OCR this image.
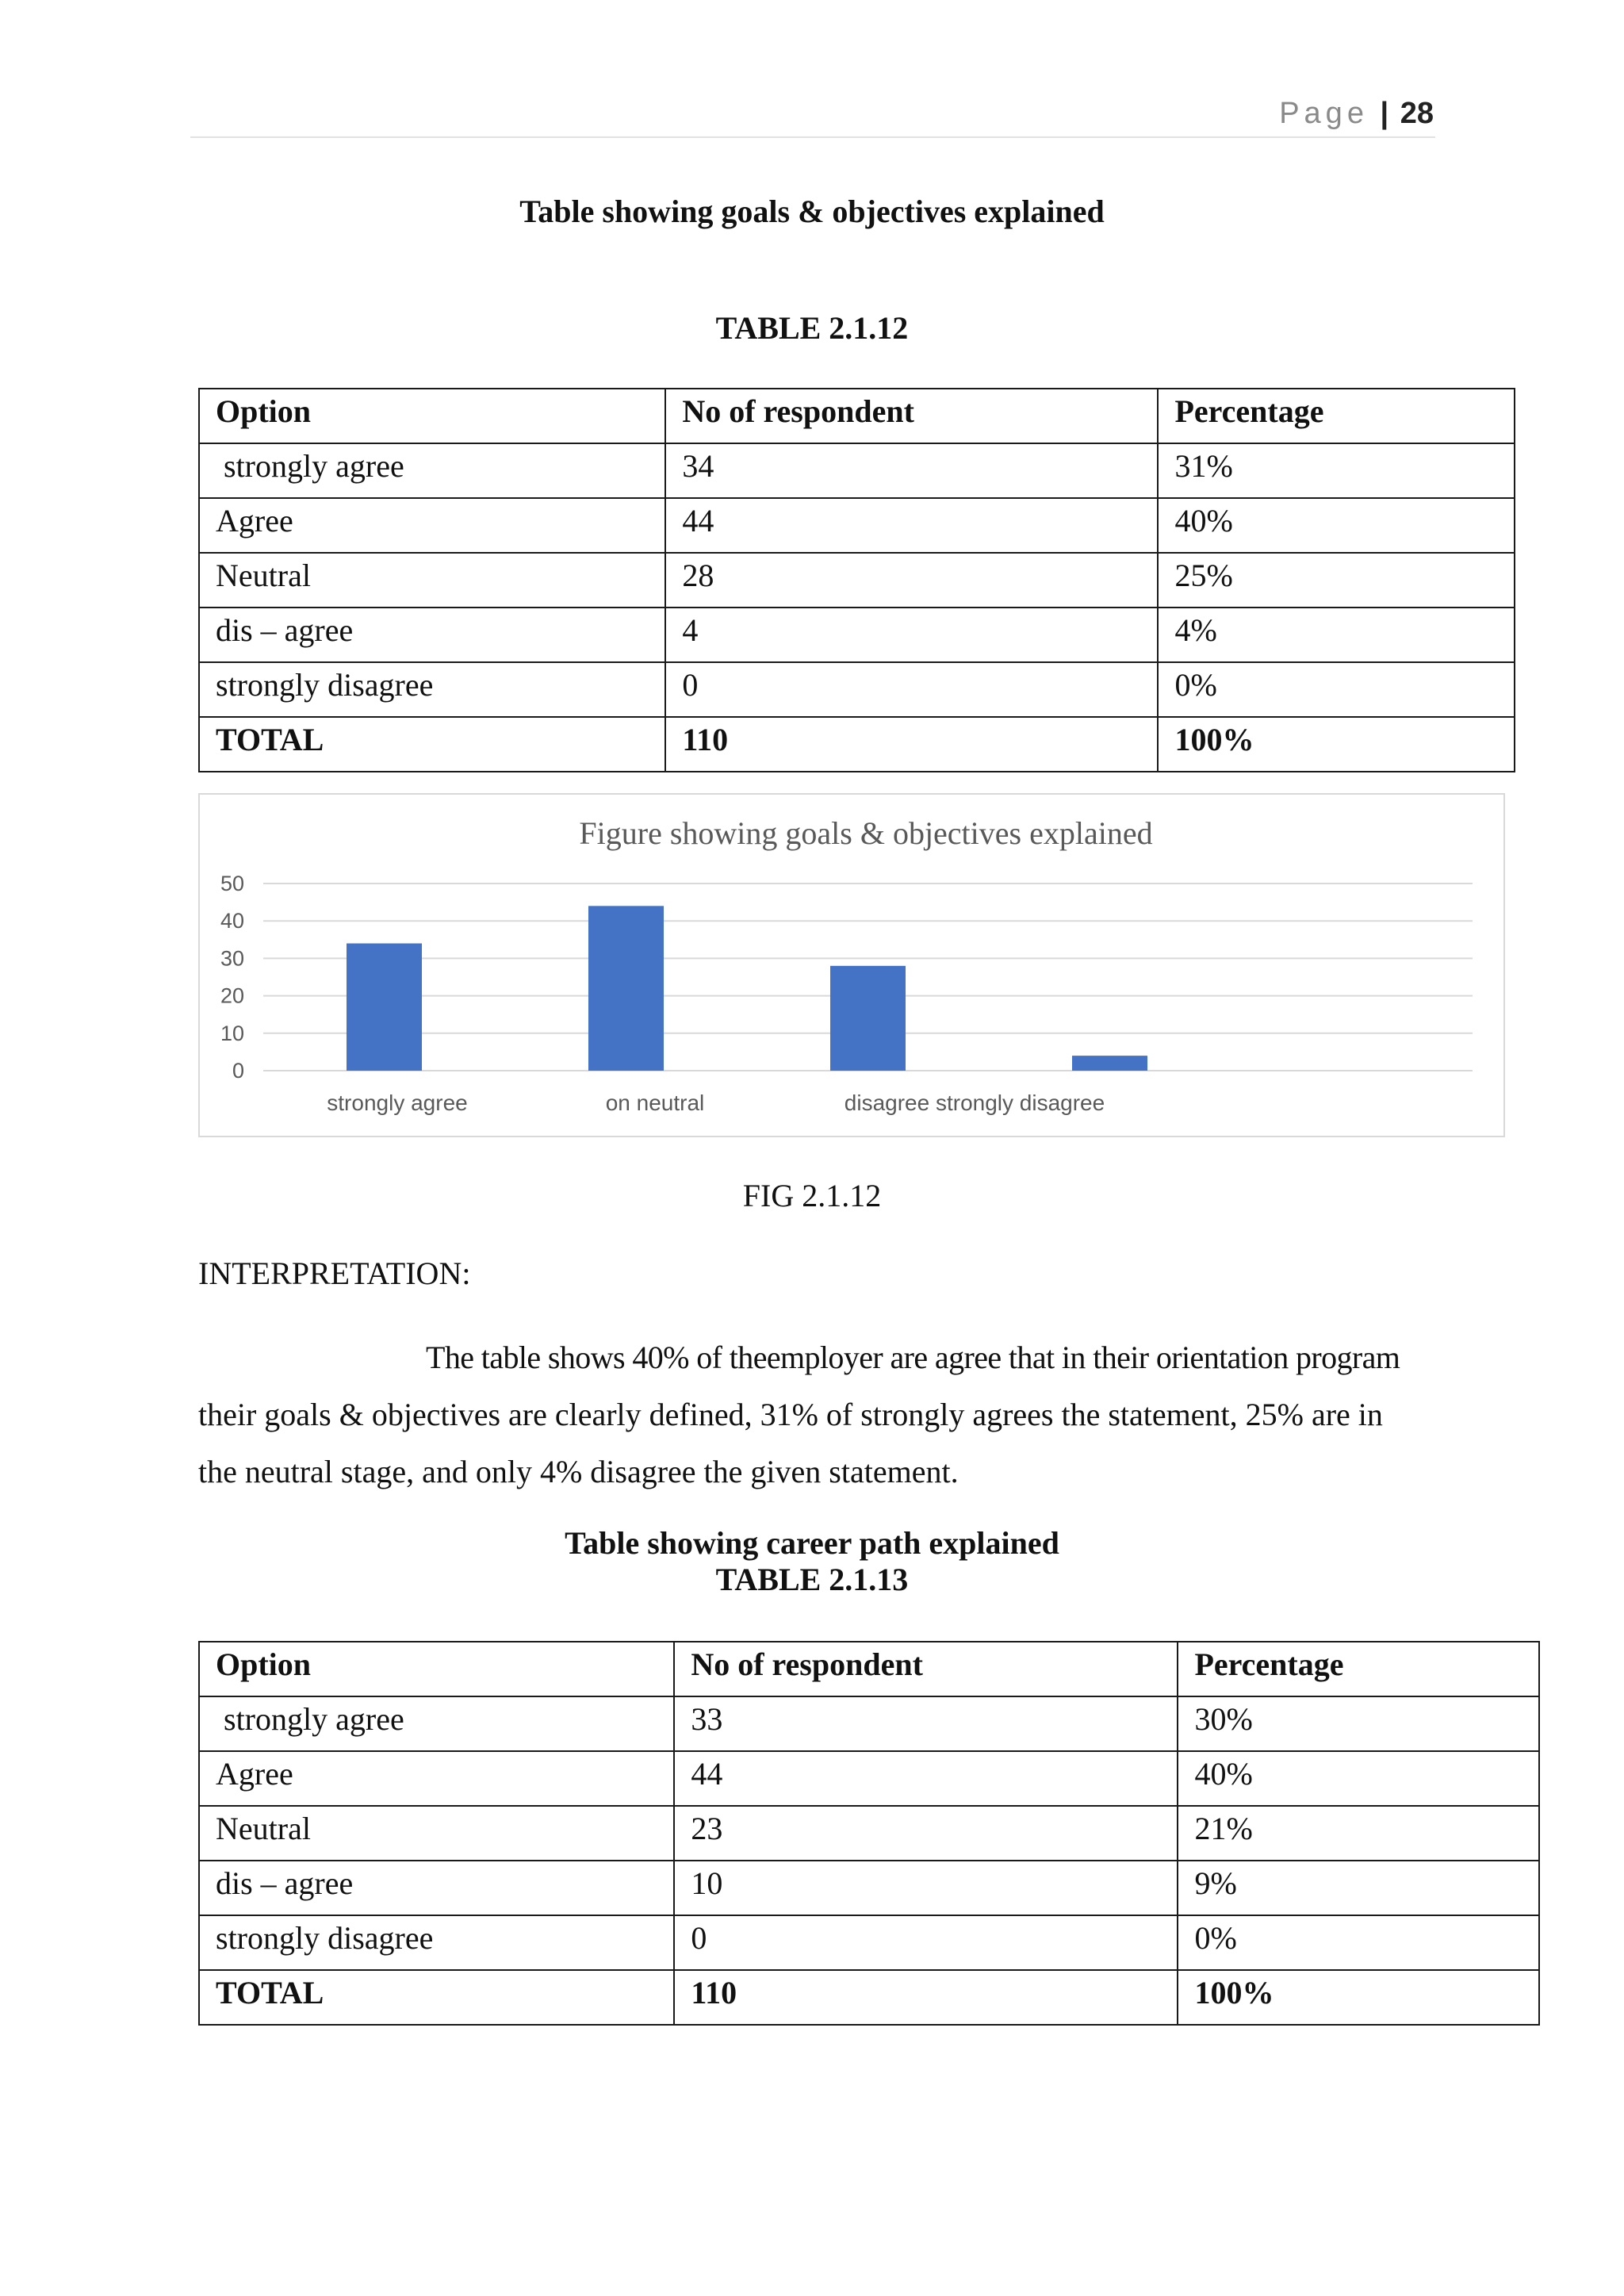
Page | 28
Table showing goals & objectives explained
TABLE 2.1.12
Option	No of respondent	Percentage
strongly agree	34	31%
Agree	44	40%
Neutral	28	25%
dis – agree	4	4%
strongly disagree	0	0%
TOTAL	110	100%
Figure showing goals & objectives explained
0
10
20
30
40
50
strongly agree	on neutral	disagree strongly disagree
FIG 2.1.12
INTERPRETATION:
The table shows 40% of theemployer are agree that in their orientation program
their goals & objectives are clearly defined, 31% of strongly agrees the statement, 25% are in
the neutral stage, and only 4% disagree the given statement.
Table showing career path explained
TABLE 2.1.13
Option	No of respondent	Percentage
strongly agree	33	30%
Agree	44	40%
Neutral	23	21%
dis – agree	10	9%
strongly disagree	0	0%
TOTAL	110	100%
